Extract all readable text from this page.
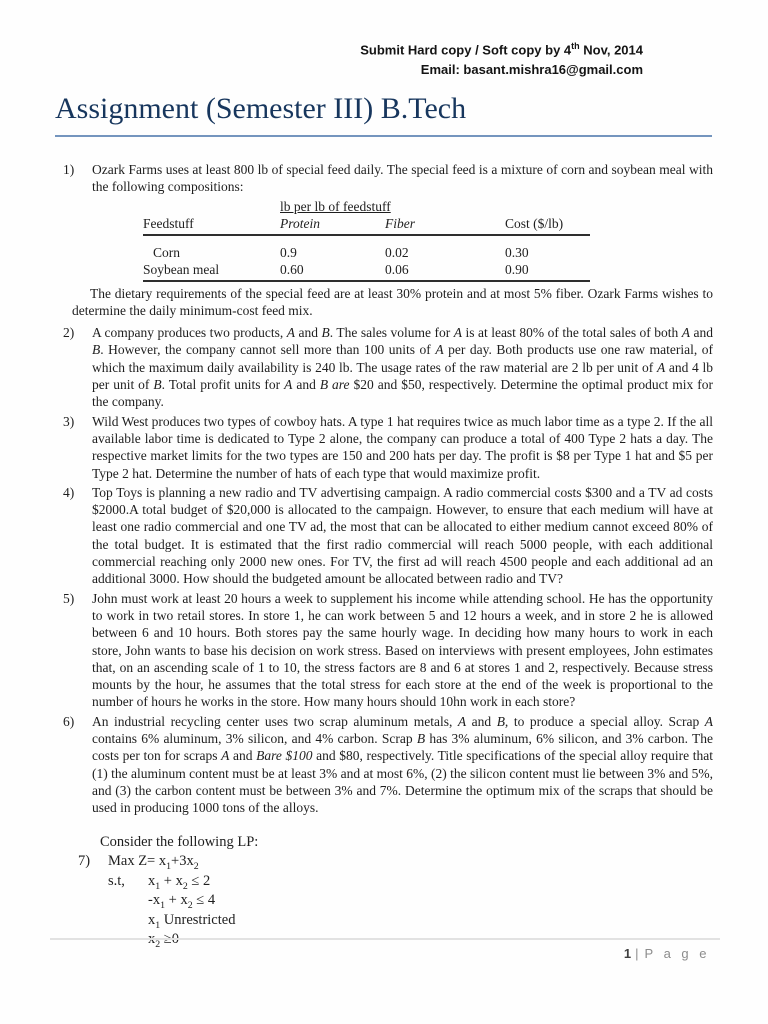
Submit Hard copy / Soft copy by 4th Nov, 2014
Email: basant.mishra16@gmail.com
Assignment (Semester III) B.Tech
1)	Ozark Farms uses at least 800 lb of special feed daily. The special feed is a mixture of corn and soybean meal with the following compositions:
lb per lb of feedstuff
Feedstuff	Protein	Fiber	Cost ($/lb)
Corn	0.9	0.02	0.30
Soybean meal	0.60	0.06	0.90
The dietary requirements of the special feed are at least 30% protein and at most 5% fiber. Ozark Farms wishes to determine the daily minimum-cost feed mix.
2)	A company produces two products, A and B. The sales volume for A is at least 80% of the total sales of both A and B. However, the company cannot sell more than 100 units of A per day. Both products use one raw material, of which the maximum daily availability is 240 lb. The usage rates of the raw material are 2 lb per unit of A and 4 lb per unit of B. Total profit units for A and B are $20 and $50, respectively. Determine the optimal product mix for the company.
3)	Wild West produces two types of cowboy hats. A type 1 hat requires twice as much labor time as a type 2. If the all available labor time is dedicated to Type 2 alone, the company can produce a total of 400 Type 2 hats a day. The respective market limits for the two types are 150 and 200 hats per day. The profit is $8 per Type 1 hat and $5 per Type 2 hat. Determine the number of hats of each type that would maximize profit.
4)	Top Toys is planning a new radio and TV advertising campaign. A radio commercial costs $300 and a TV ad costs $2000.A total budget of $20,000 is allocated to the campaign. However, to ensure that each medium will have at least one radio commercial and one TV ad, the most that can be allocated to either medium cannot exceed 80% of the total budget. It is estimated that the first radio commercial will reach 5000 people, with each additional commercial reaching only 2000 new ones. For TV, the first ad will reach 4500 people and each additional ad an additional 3000. How should the budgeted amount be allocated between radio and TV?
5)	John must work at least 20 hours a week to supplement his income while attending school. He has the opportunity to work in two retail stores. In store 1, he can work between 5 and 12 hours a week, and in store 2 he is allowed between 6 and 10 hours. Both stores pay the same hourly wage. In deciding how many hours to work in each store, John wants to base his decision on work stress. Based on interviews with present employees, John estimates that, on an ascending scale of 1 to 10, the stress factors are 8 and 6 at stores 1 and 2, respectively. Because stress mounts by the hour, he assumes that the total stress for each store at the end of the week is proportional to the number of hours he works in the store. How many hours should 10hn work in each store?
6)	An industrial recycling center uses two scrap aluminum metals, A and B, to produce a special alloy. Scrap A contains 6% aluminum, 3% silicon, and 4% carbon. Scrap B has 3% aluminum, 6% silicon, and 3% carbon. The costs per ton for scraps A and Bare $100 and $80, respectively. Title specifications of the special alloy require that (1) the aluminum content must be at least 3% and at most 6%, (2) the silicon content must lie between 3% and 5%, and (3) the carbon content must be between 3% and 7%. Determine the optimum mix of the scraps that should be used in producing 1000 tons of the alloys.
Consider the following LP:
7)	Max $Z= x_1+3x_2$
s.t, $x_1 + x_2 \le 2$
$-x_1 + x_2 \le 4$
$x_1$ Unrestricted
$x_2 \ge 0$
1 | P a g e
